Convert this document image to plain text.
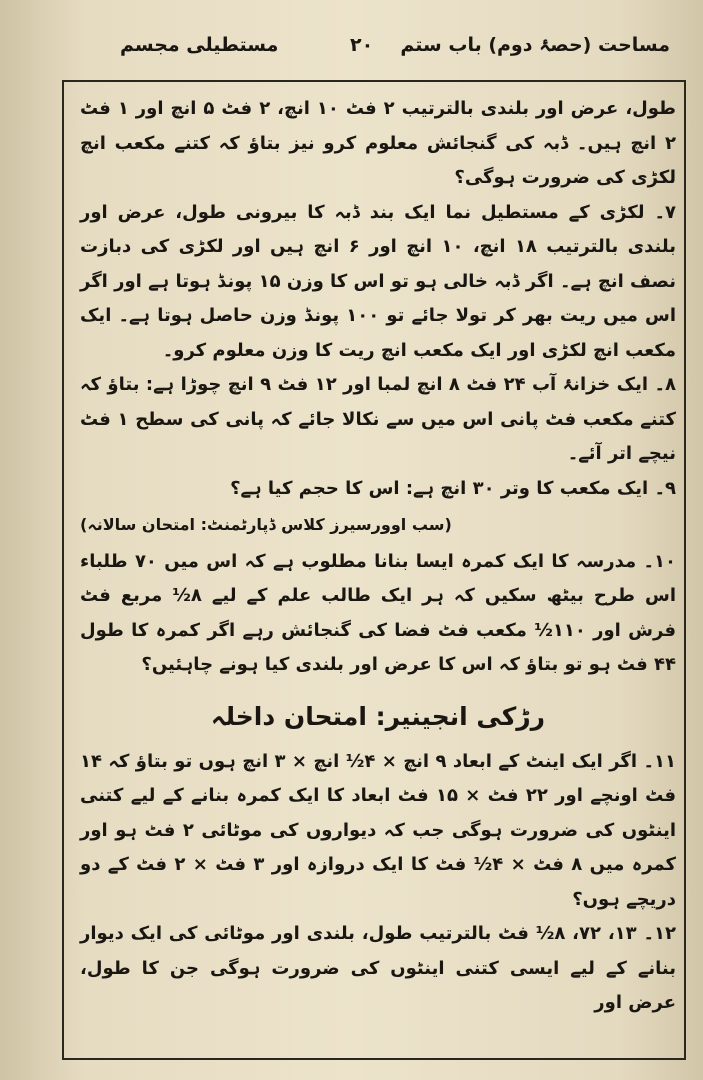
مساحت (حصۂ دوم) باب ستم
۲۰
مستطیلی مجسم

طول، عرض اور بلندی بالترتیب ۲ فٹ ۱۰ انچ، ۲ فٹ ۵ انچ اور ۱ فٹ ۲ انچ ہیں۔ ڈبہ کی گنجائش معلوم کرو نیز بتاؤ کہ کتنے مکعب انچ لکڑی کی ضرورت ہوگی؟

۷۔ لکڑی کے مستطیل نما ایک بند ڈبہ کا بیرونی طول، عرض اور بلندی بالترتیب ۱۸ انچ، ۱۰ انچ اور ۶ انچ ہیں اور لکڑی کی دبازت نصف انچ ہے۔ اگر ڈبہ خالی ہو تو اس کا وزن ۱۵ پونڈ ہوتا ہے اور اگر اس میں ریت بھر کر تولا جائے تو ۱۰۰ پونڈ وزن حاصل ہوتا ہے۔ ایک مکعب انچ لکڑی اور ایک مکعب انچ ریت کا وزن معلوم کرو۔

۸۔ ایک خزانۂ آب ۲۴ فٹ ۸ انچ لمبا اور ۱۲ فٹ ۹ انچ چوڑا ہے: بتاؤ کہ کتنے مکعب فٹ پانی اس میں سے نکالا جائے کہ پانی کی سطح ۱ فٹ نیچے اتر آئے۔

۹۔ ایک مکعب کا وتر ۳۰ انچ ہے: اس کا حجم کیا ہے؟

(سب اوورسیرز کلاس ڈپارٹمنٹ: امتحان سالانہ)

۱۰۔ مدرسہ کا ایک کمرہ ایسا بنانا مطلوب ہے کہ اس میں ۷۰ طلباء اس طرح بیٹھ سکیں کہ ہر ایک طالب علم کے لیے ۸½ مربع فٹ فرش اور ۱۱۰½ مکعب فٹ فضا کی گنجائش رہے اگر کمرہ کا طول ۴۴ فٹ ہو تو بتاؤ کہ اس کا عرض اور بلندی کیا ہونے چاہئیں؟

رڑکی انجینیر: امتحان داخلہ

۱۱۔ اگر ایک اینٹ کے ابعاد ۹ انچ × ۴½ انچ × ۳ انچ ہوں تو بتاؤ کہ ۱۴ فٹ اونچے اور ۲۲ فٹ × ۱۵ فٹ ابعاد کا ایک کمرہ بنانے کے لیے کتنی اینٹوں کی ضرورت ہوگی جب کہ دیواروں کی موٹائی ۲ فٹ ہو اور کمرہ میں ۸ فٹ × ۴½ فٹ کا ایک دروازہ اور ۳ فٹ × ۲ فٹ کے دو دریچے ہوں؟

۱۲۔ ۱۳، ۷۲، ۸½ فٹ بالترتیب طول، بلندی اور موٹائی کی ایک دیوار بنانے کے لیے ایسی کتنی اینٹوں کی ضرورت ہوگی جن کا طول، عرض اور
